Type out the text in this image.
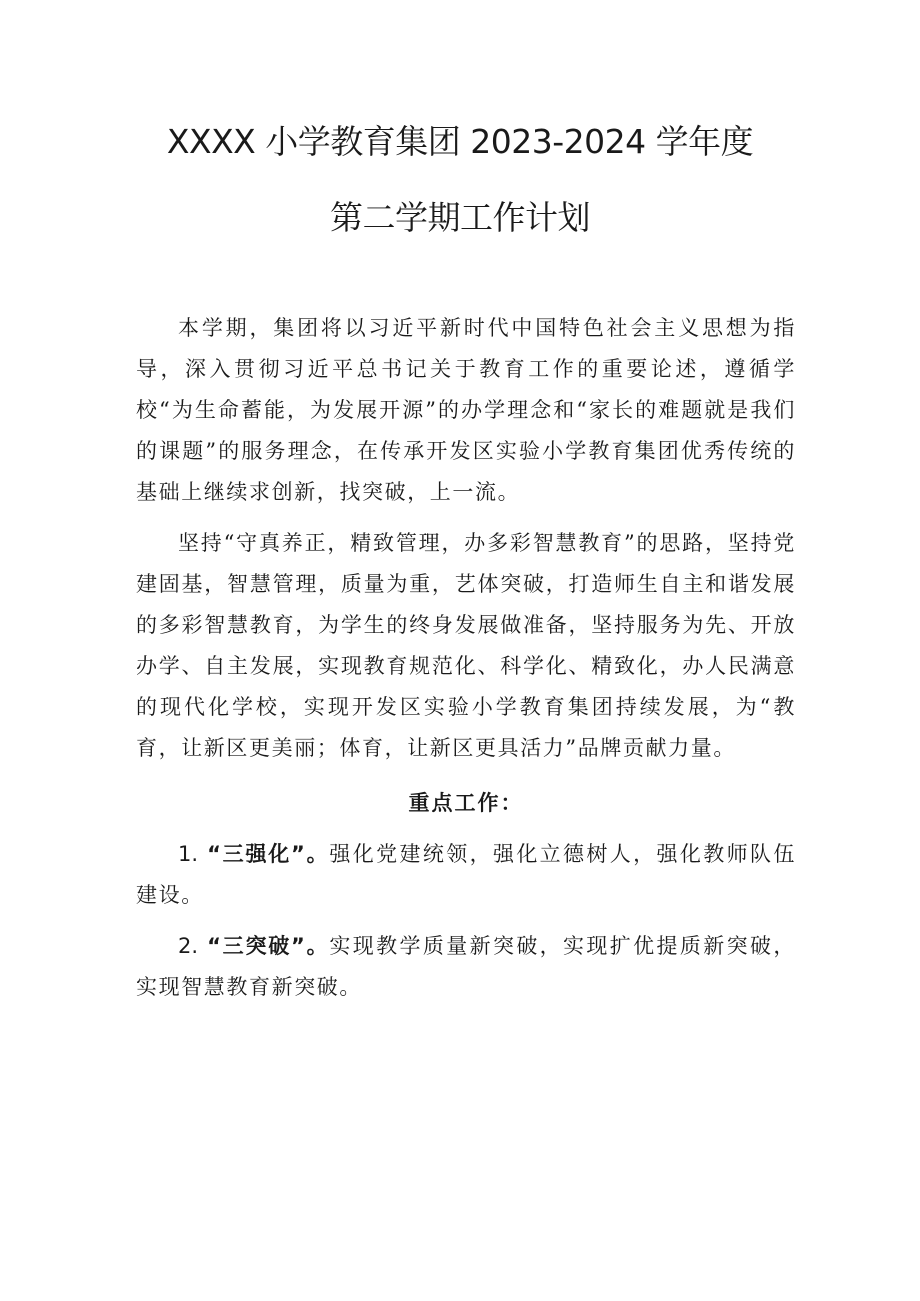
XXXX 小学教育集团 2023-2024 学年度
第二学期工作计划

本学期，集团将以习近平新时代中国特色社会主义思想为指导，深入贯彻习近平总书记关于教育工作的重要论述，遵循学校“为生命蓄能，为发展开源”的办学理念和“家长的难题就是我们的课题”的服务理念，在传承开发区实验小学教育集团优秀传统的基础上继续求创新，找突破，上一流。

坚持“守真养正，精致管理，办多彩智慧教育”的思路，坚持党建固基，智慧管理，质量为重，艺体突破，打造师生自主和谐发展的多彩智慧教育，为学生的终身发展做准备，坚持服务为先、开放办学、自主发展，实现教育规范化、科学化、精致化，办人民满意的现代化学校，实现开发区实验小学教育集团持续发展，为“教育，让新区更美丽；体育，让新区更具活力”品牌贡献力量。

重点工作：

1. “三强化”。强化党建统领，强化立德树人，强化教师队伍建设。

2. “三突破”。实现教学质量新突破，实现扩优提质新突破，实现智慧教育新突破。
